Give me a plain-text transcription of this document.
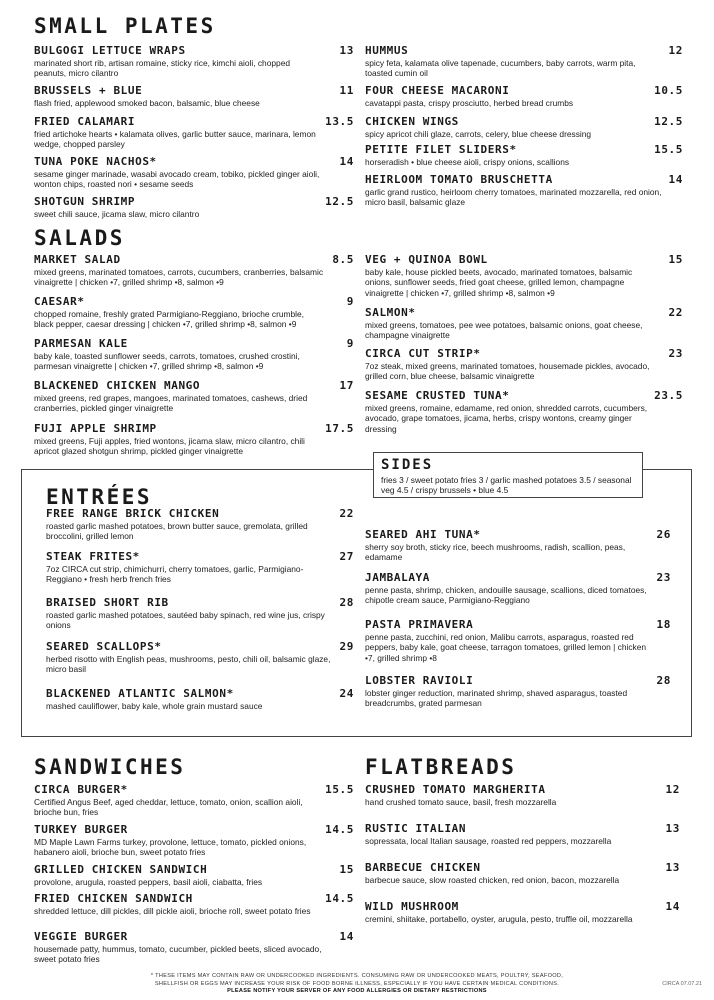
SMALL PLATES
SALADS
ENTRÉES
SANDWICHES	FLATBREADS
SIDES
fries 3 / sweet potato fries 3 / garlic mashed potatoes 3.5 / seasonal veg 4.5 / crispy brussels • blue 4.5
BULGOGI LETTUCE WRAPS	13
marinated short rib, artisan romaine, sticky rice, kimchi aioli, chopped peanuts, micro cilantro
BRUSSELS + BLUE	11
flash fried, applewood smoked bacon, balsamic, blue cheese
FRIED CALAMARI	13.5
fried artichoke hearts • kalamata olives, garlic butter sauce, marinara, lemon wedge, chopped parsley
TUNA POKE NACHOS*	14
sesame ginger marinade, wasabi avocado cream, tobiko, pickled ginger aioli, wonton chips, roasted nori • sesame seeds
SHOTGUN SHRIMP	12.5
sweet chili sauce, jicama slaw, micro cilantro
HUMMUS	12
spicy feta, kalamata olive tapenade, cucumbers, baby carrots, warm pita, toasted cumin oil
FOUR CHEESE MACARONI	10.5
cavatappi pasta, crispy prosciutto, herbed bread crumbs
CHICKEN WINGS	12.5
spicy apricot chili glaze, carrots, celery, blue cheese dressing
PETITE FILET SLIDERS*	15.5
horseradish • blue cheese aioli, crispy onions, scallions
HEIRLOOM TOMATO BRUSCHETTA	14
garlic grand rustico, heirloom cherry tomatoes, marinated mozzarella, red onion, micro basil, balsamic glaze
MARKET SALAD	8.5
mixed greens, marinated tomatoes, carrots, cucumbers, cranberries, balsamic vinaigrette | chicken •7, grilled shrimp •8, salmon •9
CAESAR*	9
chopped romaine, freshly grated Parmigiano-Reggiano, brioche crumble, black pepper, caesar dressing | chicken •7, grilled shrimp •8, salmon •9
PARMESAN KALE	9
baby kale, toasted sunflower seeds, carrots, tomatoes, crushed crostini, parmesan vinaigrette | chicken •7, grilled shrimp •8, salmon •9
BLACKENED CHICKEN MANGO	17
mixed greens, red grapes, mangoes, marinated tomatoes, cashews, dried cranberries, pickled ginger vinaigrette
FUJI APPLE SHRIMP	17.5
mixed greens, Fuji apples, fried wontons, jicama slaw, micro cilantro, chili apricot glazed shotgun shrimp, pickled ginger vinaigrette
VEG + QUINOA BOWL	15
baby kale, house pickled beets, avocado, marinated tomatoes, balsamic onions, sunflower seeds, fried goat cheese, grilled lemon, champagne vinaigrette | chicken •7, grilled shrimp •8, salmon •9
SALMON*	22
mixed greens, tomatoes, pee wee potatoes, balsamic onions, goat cheese, champagne vinaigrette
CIRCA CUT STRIP*	23
7oz steak, mixed greens, marinated tomatoes, housemade pickles, avocado, grilled corn, blue cheese, balsamic vinaigrette
SESAME CRUSTED TUNA*	23.5
mixed greens, romaine, edamame, red onion, shredded carrots, cucumbers, avocado, grape tomatoes, jicama, herbs, crispy wontons, creamy ginger dressing
FREE RANGE BRICK CHICKEN	22
roasted garlic mashed potatoes, brown butter sauce, gremolata, grilled broccolini, grilled lemon
STEAK FRITES*	27
7oz CIRCA cut strip, chimichurri, cherry tomatoes, garlic, Parmigiano-Reggiano • fresh herb french fries
BRAISED SHORT RIB	28
roasted garlic mashed potatoes, sautéed baby spinach, red wine jus, crispy onions
SEARED SCALLOPS*	29
herbed risotto with English peas, mushrooms, pesto, chili oil, balsamic glaze, micro basil
BLACKENED ATLANTIC SALMON*	24
mashed cauliflower, baby kale, whole grain mustard sauce
SEARED AHI TUNA*	26
sherry soy broth, sticky rice, beech mushrooms, radish, scallion, peas, edamame
JAMBALAYA	23
penne pasta, shrimp, chicken, andouille sausage, scallions, diced tomatoes, chipotle cream sauce, Parmigiano-Reggiano
PASTA PRIMAVERA	18
penne pasta, zucchini, red onion, Malibu carrots, asparagus, roasted red peppers, baby kale, goat cheese, tarragon tomatoes, grilled lemon | chicken •7, grilled shrimp •8
LOBSTER RAVIOLI	28
lobster ginger reduction, marinated shrimp, shaved asparagus, toasted breadcrumbs, grated parmesan
CIRCA BURGER*	15.5
Certified Angus Beef, aged cheddar, lettuce, tomato, onion, scallion aioli, brioche bun, fries
TURKEY BURGER	14.5
MD Maple Lawn Farms turkey, provolone, lettuce, tomato, pickled onions, habanero aioli, brioche bun, sweet potato fries
GRILLED CHICKEN SANDWICH	15
provolone, arugula, roasted peppers, basil aioli, ciabatta, fries
FRIED CHICKEN SANDWICH	14.5
shredded lettuce, dill pickles, dill pickle aioli, brioche roll, sweet potato fries
VEGGIE BURGER	14
housemade patty, hummus, tomato, cucumber, pickled beets, sliced avocado, sweet potato fries
CRUSHED TOMATO MARGHERITA	12
hand crushed tomato sauce, basil, fresh mozzarella
RUSTIC ITALIAN	13
sopressata, local Italian sausage, roasted red peppers, mozzarella
BARBECUE CHICKEN	13
barbecue sauce, slow roasted chicken, red onion, bacon, mozzarella
WILD MUSHROOM	14
cremini, shiitake, portabello, oyster, arugula, pesto, truffle oil, mozzarella
* THESE ITEMS MAY CONTAIN RAW OR UNDERCOOKED INGREDIENTS. CONSUMING RAW OR UNDERCOOKED MEATS, POULTRY, SEAFOOD,
SHELLFISH OR EGGS MAY INCREASE YOUR RISK OF FOOD BORNE ILLNESS, ESPECIALLY IF YOU HAVE CERTAIN MEDICAL CONDITIONS.
PLEASE NOTIFY YOUR SERVER OF ANY FOOD ALLERGIES OR DIETARY RESTRICTIONS
CIRCA 07.07.21
